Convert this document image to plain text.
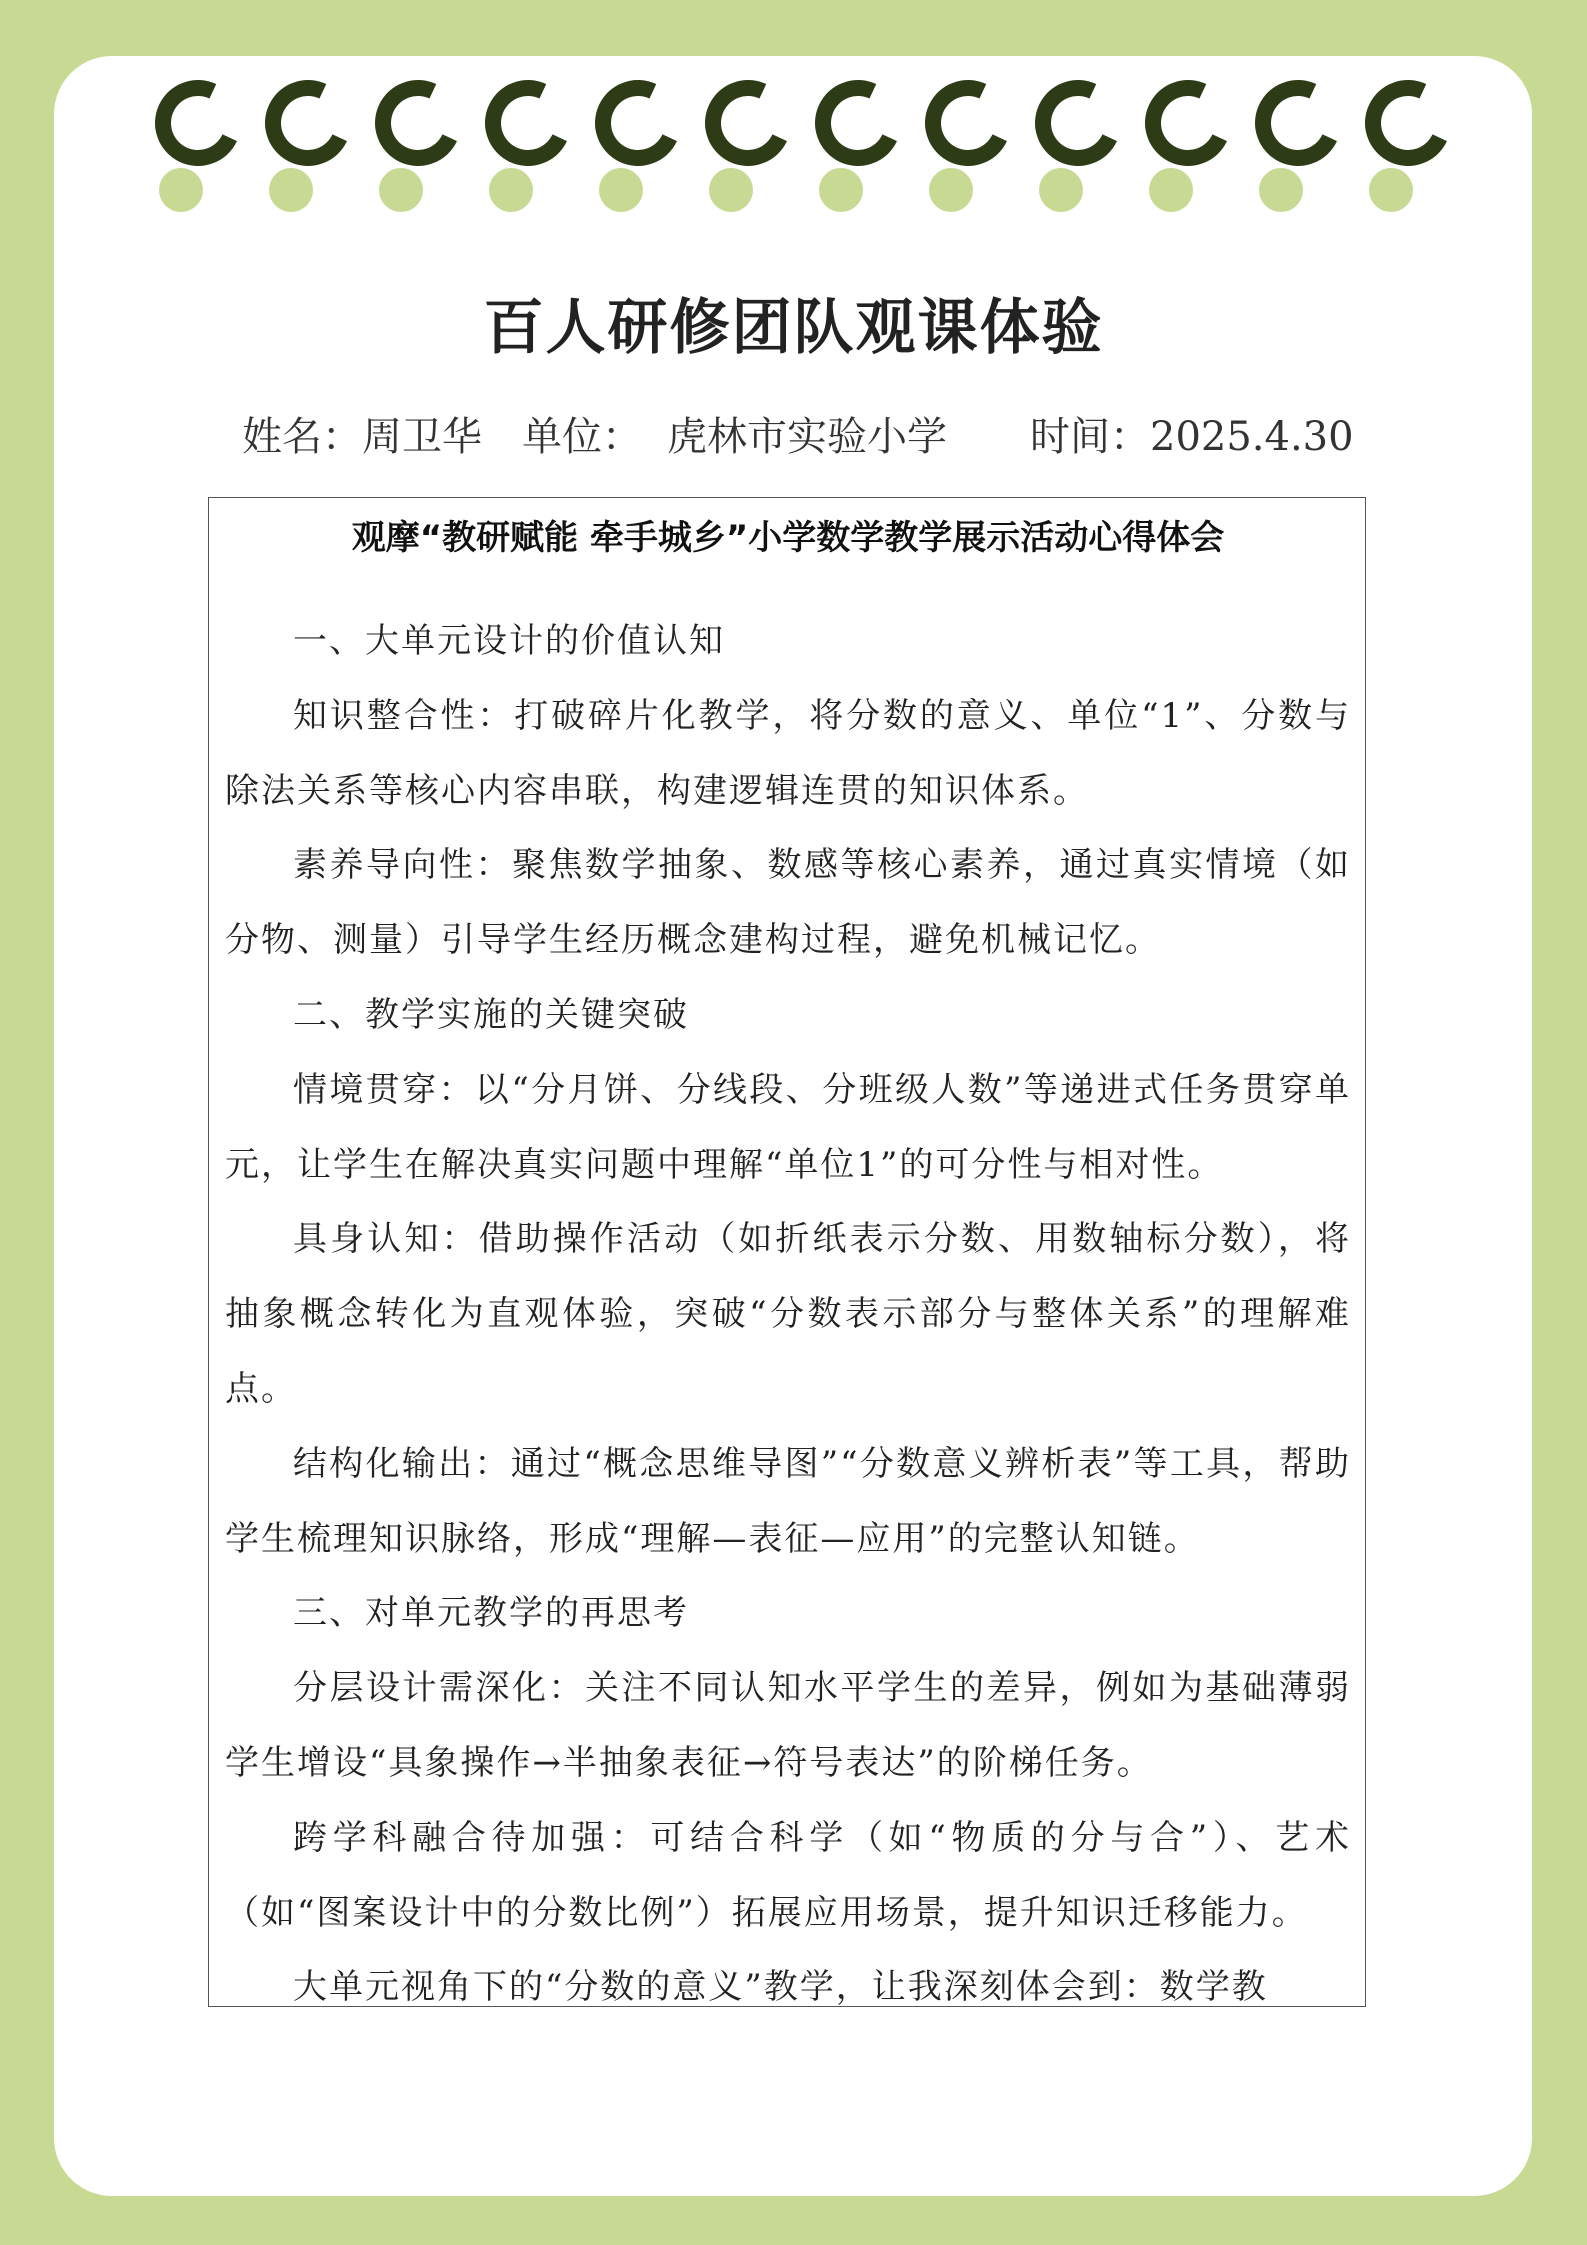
百人研修团队观课体验
姓名：周卫华 单位： 虎林市实验小学 时间：2025.4.30
观摩“教研赋能 牵手城乡”小学数学教学展示活动心得体会

一、大单元设计的价值认知

知识整合性：打破碎片化教学，将分数的意义、单位“1”、分数与除法关系等核心内容串联，构建逻辑连贯的知识体系。

素养导向性：聚焦数学抽象、数感等核心素养，通过真实情境（如分物、测量）引导学生经历概念建构过程，避免机械记忆。

二、教学实施的关键突破

情境贯穿：以“分月饼、分线段、分班级人数”等递进式任务贯穿单元，让学生在解决真实问题中理解“单位1”的可分性与相对性。

具身认知：借助操作活动（如折纸表示分数、用数轴标分数），将抽象概念转化为直观体验，突破“分数表示部分与整体关系”的理解难点。

结构化输出：通过“概念思维导图”“分数意义辨析表”等工具，帮助学生梳理知识脉络，形成“理解—表征—应用”的完整认知链。

三、对单元教学的再思考

分层设计需深化：关注不同认知水平学生的差异，例如为基础薄弱学生增设“具象操作→半抽象表征→符号表达”的阶梯任务。

跨学科融合待加强：可结合科学（如“物质的分与合”）、艺术（如“图案设计中的分数比例”）拓展应用场景，提升知识迁移能力。

大单元视角下的“分数的意义”教学，让我深刻体会到：数学教
